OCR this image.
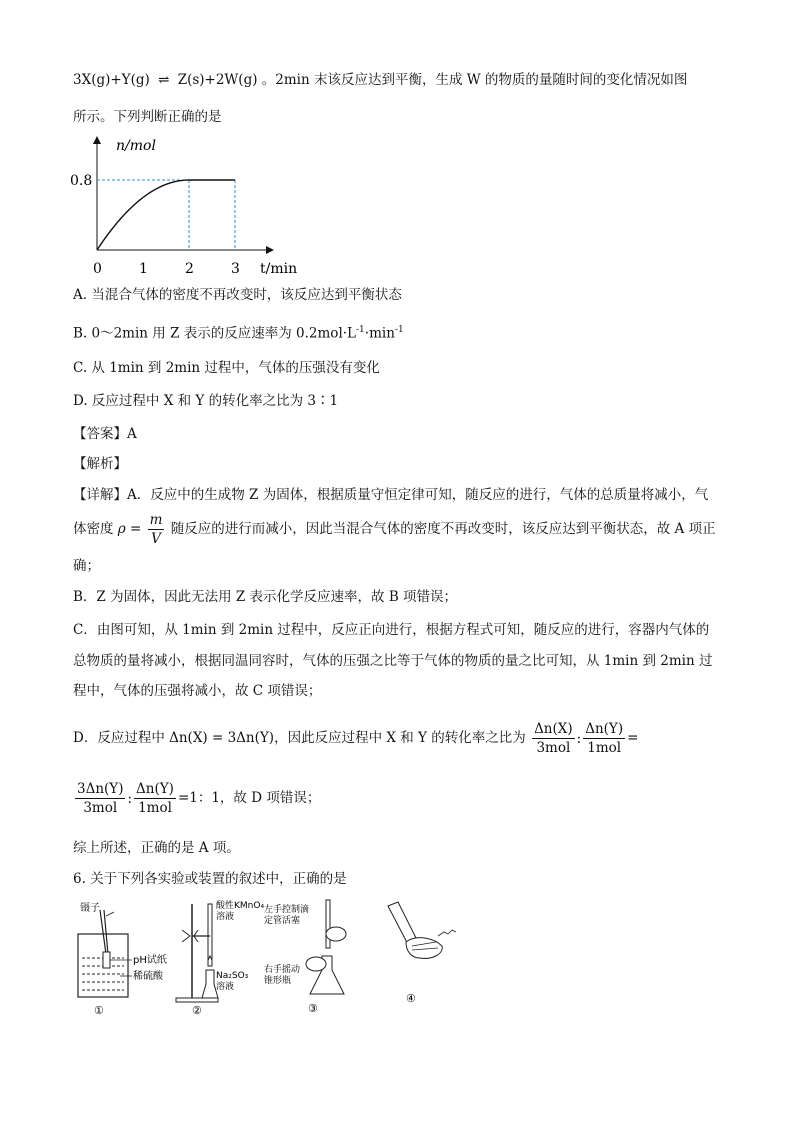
3X(g)+Y(g) ⇌ Z(s)+2W(g) 。2min 末该反应达到平衡，生成 W 的物质的量随时间的变化情况如图
所示。下列判断正确的是
n/mol
t/min
0	1	2	3
0.8
A. 当混合气体的密度不再改变时，该反应达到平衡状态
B. 0～2min 用 Z 表示的反应速率为 $0.2mol\cdot L^{-1}\cdot\min^{-1}$
C. 从 1min 到 2min 过程中，气体的压强没有变化
D. 反应过程中 X 和 Y 的转化率之比为 3∶1
【答案】A
【解析】
【详解】A．反应中的生成物 Z 为固体，根据质量守恒定律可知，随反应的进行，气体的总质量将减小，气
体密度 $\rho = \frac{m}{V}$ 随反应的进行而减小，因此当混合气体的密度不再改变时，该反应达到平衡状态，故 A 项正
确；
B．Z 为固体，因此无法用 Z 表示化学反应速率，故 B 项错误；
C．由图可知，从 1min 到 2min 过程中，反应正向进行，根据方程式可知，随反应的进行，容器内气体的
总物质的量将减小，根据同温同容时，气体的压强之比等于气体的物质的量之比可知，从 1min 到 2min 过
程中，气体的压强将减小，故 C 项错误；
D．反应过程中 Δn(X) = 3Δn(Y)，因此反应过程中 X 和 Y 的转化率之比为 $\frac{\Delta n(X)}{\text{3mol}}$ : $\frac{\Delta n(Y)}{\text{1mol}}$ =
$\frac{3\Delta n(Y)}{\text{3mol}}$ : $\frac{\Delta n(Y)}{\text{1mol}} =1$：1，故 D 项错误；
综上所述，正确的是 A 项。
6. 关于下列各实验或装置的叙述中，正确的是
镊子
pH试纸
稀硫酸
①
酸性KMnO₄
溶液
Na₂SO₃
溶液
②
左手控制滴
定管活塞
右手摇动
锥形瓶
③
④
